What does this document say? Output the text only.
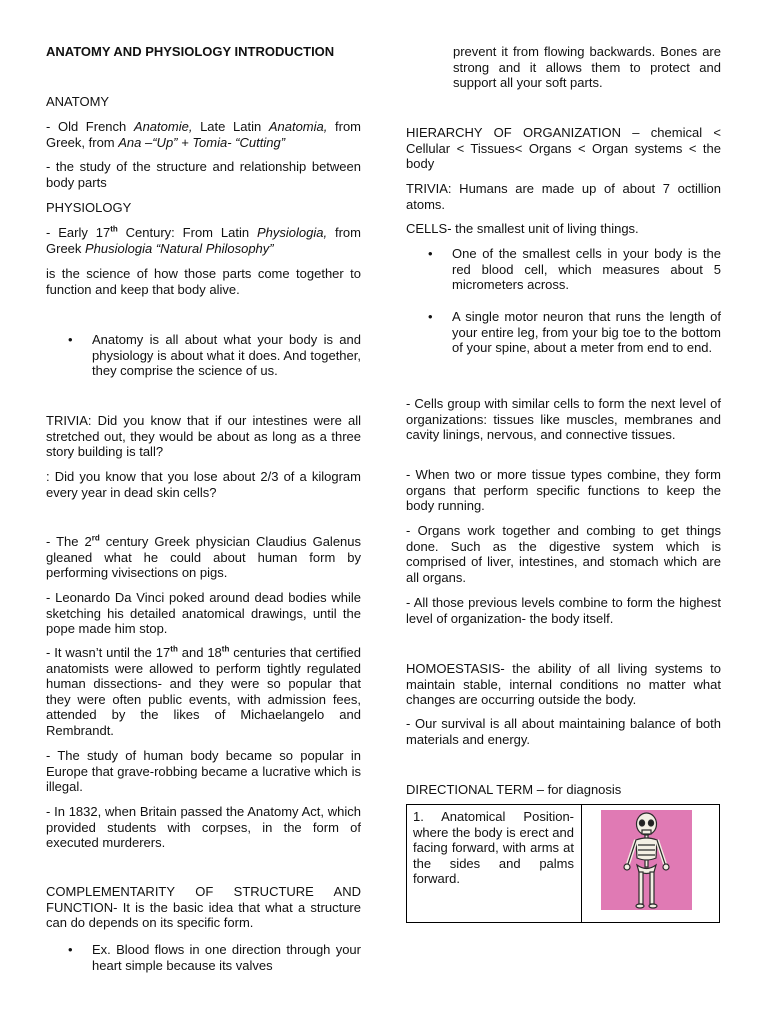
ANATOMY AND PHYSIOLOGY INTRODUCTION

ANATOMY

- Old French Anatomie, Late Latin Anatomia, from Greek, from Ana –“Up” + Tomia- “Cutting”

- the study of the structure and relationship between body parts

PHYSIOLOGY

- Early 17th Century: From Latin Physiologia, from Greek Phusiologia “Natural Philosophy”

is the science of how those parts come together to function and keep that body alive.

• Anatomy is all about what your body is and physiology is about what it does. And together, they comprise the science of us.

TRIVIA: Did you know that if our intestines were all stretched out, they would be about as long as a three story building is tall?

: Did you know that you lose about 2/3 of a kilogram every year in dead skin cells?

- The 2rd century Greek physician Claudius Galenus gleaned what he could about human form by performing vivisections on pigs.

- Leonardo Da Vinci poked around dead bodies while sketching his detailed anatomical drawings, until the pope made him stop.

- It wasn’t until the 17th and 18th centuries that certified anatomists were allowed to perform tightly regulated human dissections- and they were so popular that they were often public events, with admission fees, attended by the likes of Michaelangelo and Rembrandt.

- The study of human body became so popular in Europe that grave-robbing became a lucrative which is illegal.

- In 1832, when Britain passed the Anatomy Act, which provided students with corpses, in the form of executed murderers.

COMPLEMENTARITY OF STRUCTURE AND FUNCTION- It is the basic idea that what a structure can do depends on its specific form.

• Ex. Blood flows in one direction through your heart simple because its valves

prevent it from flowing backwards. Bones are strong and it allows them to protect and support all your soft parts.

HIERARCHY OF ORGANIZATION – chemical < Cellular < Tissues< Organs < Organ systems < the body

TRIVIA: Humans are made up of about 7 octillion atoms.

CELLS- the smallest unit of living things.

• One of the smallest cells in your body is the red blood cell, which measures about 5 micrometers across.

• A single motor neuron that runs the length of your entire leg, from your big toe to the bottom of your spine, about a meter from end to end.

- Cells group with similar cells to form the next level of organizations: tissues like muscles, membranes and cavity linings, nervous, and connective tissues.

- When two or more tissue types combine, they form organs that perform specific functions to keep the body running.

- Organs work together and combing to get things done. Such as the digestive system which is comprised of liver, intestines, and stomach which are all organs.

- All those previous levels combine to form the highest level of organization- the body itself.

HOMOESTASIS- the ability of all living systems to maintain stable, internal conditions no matter what changes are occurring outside the body.

- Our survival is all about maintaining balance of both materials and energy.

DIRECTIONAL TERM – for diagnosis

1. Anatomical Position- where the body is erect and facing forward, with arms at the sides and palms forward.
